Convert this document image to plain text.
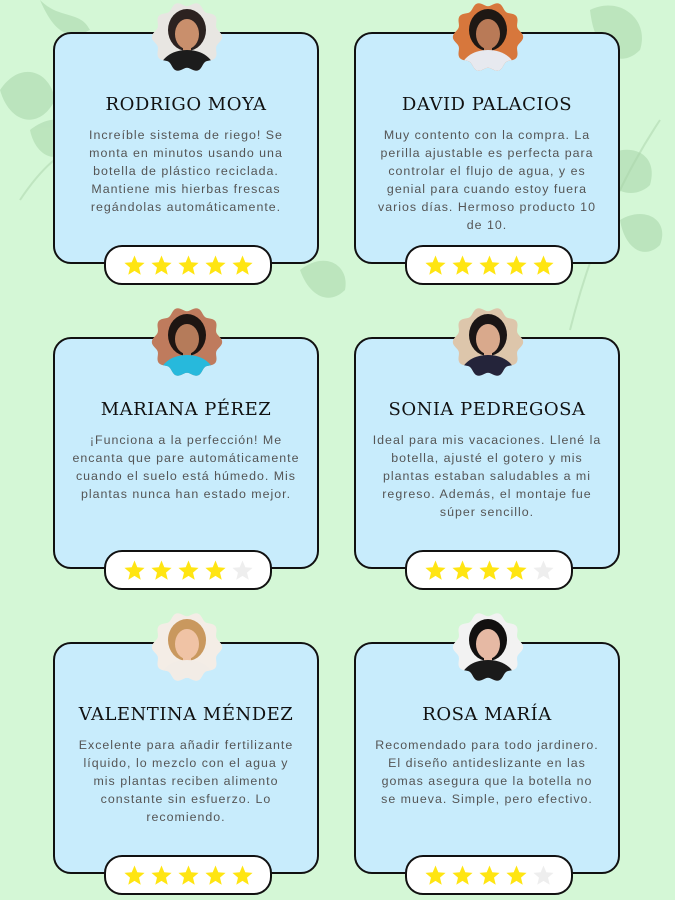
RODRIGO MOYA
Increíble sistema de riego! Se monta en minutos usando una botella de plástico reciclada. Mantiene mis hierbas frescas regándolas automáticamente.
DAVID PALACIOS
Muy contento con la compra. La perilla ajustable es perfecta para controlar el flujo de agua, y es genial para cuando estoy fuera varios días. Hermoso producto 10 de 10.
MARIANA PÉREZ
¡Funciona a la perfección! Me encanta que pare automáticamente cuando el suelo está húmedo. Mis plantas nunca han estado mejor.
SONIA PEDREGOSA
Ideal para mis vacaciones. Llené la botella, ajusté el gotero y mis plantas estaban saludables a mi regreso. Además, el montaje fue súper sencillo.
VALENTINA MÉNDEZ
Excelente para añadir fertilizante líquido, lo mezclo con el agua y mis plantas reciben alimento constante sin esfuerzo. Lo recomiendo.
ROSA MARÍA
Recomendado para todo jardinero. El diseño antideslizante en las gomas asegura que la botella no se mueva. Simple, pero efectivo.
